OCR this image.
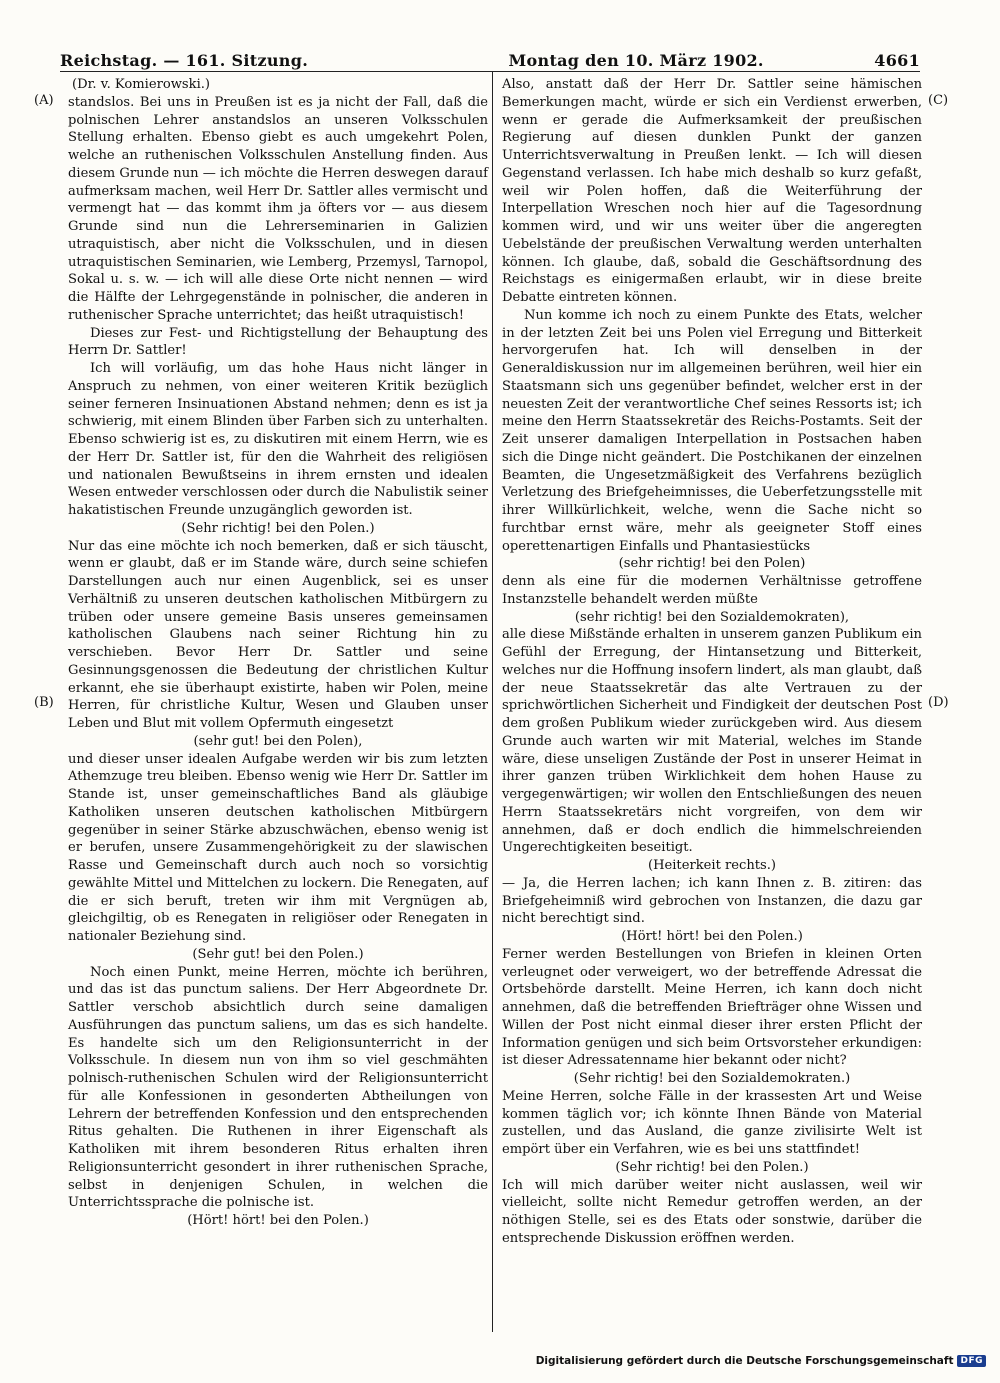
Reichstag. — 161. Sitzung.	Montag den 10. März 1902.	4661
(A)
(B)
(C)
(D)

(Dr. v. Komierowski.)

standslos. Bei uns in Preußen ist es ja nicht der Fall, daß die polnischen Lehrer anstandslos an unseren Volksschulen Stellung erhalten. Ebenso giebt es auch umgekehrt Polen, welche an ruthenischen Volksschulen Anstellung finden. Aus diesem Grunde nun — ich möchte die Herren deswegen darauf aufmerksam machen, weil Herr Dr. Sattler alles vermischt und vermengt hat — das kommt ihm ja öfters vor — aus diesem Grunde sind nun die Lehrerseminarien in Galizien utraquistisch, aber nicht die Volksschulen, und in diesen utraquistischen Seminarien, wie Lemberg, Przemysl, Tarnopol, Sokal u. s. w. — ich will alle diese Orte nicht nennen — wird die Hälfte der Lehrgegenstände in polnischer, die anderen in ruthenischer Sprache unterrichtet; das heißt utraquistisch!

Dieses zur Fest- und Richtigstellung der Behauptung des Herrn Dr. Sattler!

Ich will vorläufig, um das hohe Haus nicht länger in Anspruch zu nehmen, von einer weiteren Kritik bezüglich seiner ferneren Insinuationen Abstand nehmen; denn es ist ja schwierig, mit einem Blinden über Farben sich zu unterhalten. Ebenso schwierig ist es, zu diskutiren mit einem Herrn, wie es der Herr Dr. Sattler ist, für den die Wahrheit des religiösen und nationalen Bewußtseins in ihrem ernsten und idealen Wesen entweder verschlossen oder durch die Nabulistik seiner hakatistischen Freunde unzugänglich geworden ist.

(Sehr richtig! bei den Polen.)

Nur das eine möchte ich noch bemerken, daß er sich täuscht, wenn er glaubt, daß er im Stande wäre, durch seine schiefen Darstellungen auch nur einen Augenblick, sei es unser Verhältniß zu unseren deutschen katholischen Mitbürgern zu trüben oder unsere gemeine Basis unseres gemeinsamen katholischen Glaubens nach seiner Richtung hin zu verschieben. Bevor Herr Dr. Sattler und seine Gesinnungsgenossen die Bedeutung der christlichen Kultur erkannt, ehe sie überhaupt existirte, haben wir Polen, meine Herren, für christliche Kultur, Wesen und Glauben unser Leben und Blut mit vollem Opfermuth eingesetzt

(sehr gut! bei den Polen),

und dieser unser idealen Aufgabe werden wir bis zum letzten Athemzuge treu bleiben. Ebenso wenig wie Herr Dr. Sattler im Stande ist, unser gemeinschaftliches Band als gläubige Katholiken unseren deutschen katholischen Mitbürgern gegenüber in seiner Stärke abzuschwächen, ebenso wenig ist er berufen, unsere Zusammengehörigkeit zu der slawischen Rasse und Gemeinschaft durch auch noch so vorsichtig gewählte Mittel und Mittelchen zu lockern. Die Renegaten, auf die er sich beruft, treten wir ihm mit Vergnügen ab, gleichgiltig, ob es Renegaten in religiöser oder Renegaten in nationaler Beziehung sind.

(Sehr gut! bei den Polen.)

Noch einen Punkt, meine Herren, möchte ich berühren, und das ist das punctum saliens. Der Herr Abgeordnete Dr. Sattler verschob absichtlich durch seine damaligen Ausführungen das punctum saliens, um das es sich handelte. Es handelte sich um den Religionsunterricht in der Volksschule. In diesem nun von ihm so viel geschmähten polnisch-ruthenischen Schulen wird der Religionsunterricht für alle Konfessionen in gesonderten Abtheilungen von Lehrern der betreffenden Konfession und den entsprechenden Ritus gehalten. Die Ruthenen in ihrer Eigenschaft als Katholiken mit ihrem besonderen Ritus erhalten ihren Religionsunterricht gesondert in ihrer ruthenischen Sprache, selbst in denjenigen Schulen, in welchen die Unterrichtssprache die polnische ist.

(Hört! hört! bei den Polen.)

Also, anstatt daß der Herr Dr. Sattler seine hämischen Bemerkungen macht, würde er sich ein Verdienst erwerben, wenn er gerade die Aufmerksamkeit der preußischen Regierung auf diesen dunklen Punkt der ganzen Unterrichtsverwaltung in Preußen lenkt. — Ich will diesen Gegenstand verlassen. Ich habe mich deshalb so kurz gefaßt, weil wir Polen hoffen, daß die Weiterführung der Interpellation Wreschen noch hier auf die Tagesordnung kommen wird, und wir uns weiter über die angeregten Uebelstände der preußischen Verwaltung werden unterhalten können. Ich glaube, daß, sobald die Geschäftsordnung des Reichstags es einigermaßen erlaubt, wir in diese breite Debatte eintreten können.

Nun komme ich noch zu einem Punkte des Etats, welcher in der letzten Zeit bei uns Polen viel Erregung und Bitterkeit hervorgerufen hat. Ich will denselben in der Generaldiskussion nur im allgemeinen berühren, weil hier ein Staatsmann sich uns gegenüber befindet, welcher erst in der neuesten Zeit der verantwortliche Chef seines Ressorts ist; ich meine den Herrn Staatssekretär des Reichs-Postamts. Seit der Zeit unserer damaligen Interpellation in Postsachen haben sich die Dinge nicht geändert. Die Postchikanen der einzelnen Beamten, die Ungesetzmäßigkeit des Verfahrens bezüglich Verletzung des Briefgeheimnisses, die Ueberfetzungsstelle mit ihrer Willkürlichkeit, welche, wenn die Sache nicht so furchtbar ernst wäre, mehr als geeigneter Stoff eines operettenartigen Einfalls und Phantasiestücks

(sehr richtig! bei den Polen)

denn als eine für die modernen Verhältnisse getroffene Instanzstelle behandelt werden müßte

(sehr richtig! bei den Sozialdemokraten),

alle diese Mißstände erhalten in unserem ganzen Publikum ein Gefühl der Erregung, der Hintansetzung und Bitterkeit, welches nur die Hoffnung insofern lindert, als man glaubt, daß der neue Staatssekretär das alte Vertrauen zu der sprichwörtlichen Sicherheit und Findigkeit der deutschen Post dem großen Publikum wieder zurückgeben wird. Aus diesem Grunde auch warten wir mit Material, welches im Stande wäre, diese unseligen Zustände der Post in unserer Heimat in ihrer ganzen trüben Wirklichkeit dem hohen Hause zu vergegenwärtigen; wir wollen den Entschließungen des neuen Herrn Staatssekretärs nicht vorgreifen, von dem wir annehmen, daß er doch endlich die himmelschreienden Ungerechtigkeiten beseitigt.

(Heiterkeit rechts.)

— Ja, die Herren lachen; ich kann Ihnen z. B. zitiren: das Briefgeheimniß wird gebrochen von Instanzen, die dazu gar nicht berechtigt sind.

(Hört! hört! bei den Polen.)

Ferner werden Bestellungen von Briefen in kleinen Orten verleugnet oder verweigert, wo der betreffende Adressat die Ortsbehörde darstellt. Meine Herren, ich kann doch nicht annehmen, daß die betreffenden Briefträger ohne Wissen und Willen der Post nicht einmal dieser ihrer ersten Pflicht der Information genügen und sich beim Ortsvorsteher erkundigen: ist dieser Adressatenname hier bekannt oder nicht?

(Sehr richtig! bei den Sozialdemokraten.)

Meine Herren, solche Fälle in der krassesten Art und Weise kommen täglich vor; ich könnte Ihnen Bände von Material zustellen, und das Ausland, die ganze zivilisirte Welt ist empört über ein Verfahren, wie es bei uns stattfindet!

(Sehr richtig! bei den Polen.)

Ich will mich darüber weiter nicht auslassen, weil wir vielleicht, sollte nicht Remedur getroffen werden, an der nöthigen Stelle, sei es des Etats oder sonstwie, darüber die entsprechende Diskussion eröffnen werden.

Digitalisierung gefördert durch die Deutsche Forschungsgemeinschaft DFG
